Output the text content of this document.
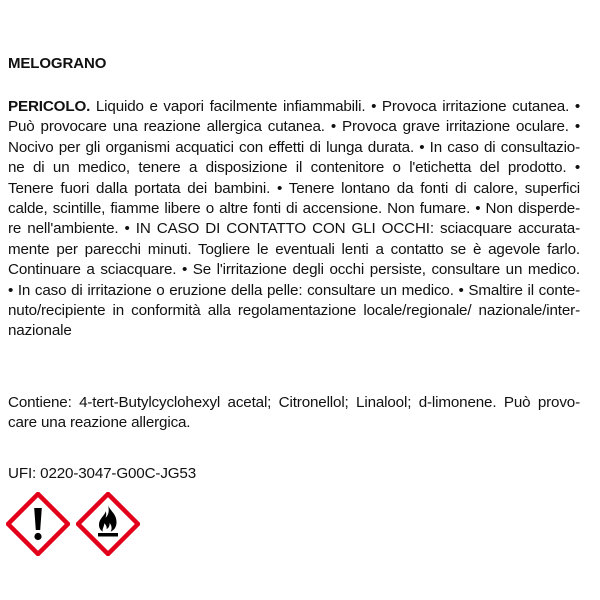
MELOGRANO
PERICOLO. Liquido e vapori facilmente infiammabili. • Provoca irritazione cutanea. •
Può provocare una reazione allergica cutanea. • Provoca grave irritazione oculare. •
Nocivo per gli organismi acquatici con effetti di lunga durata. • In caso di consultazio-
ne di un medico, tenere a disposizione il contenitore o l'etichetta del prodotto. •
Tenere fuori dalla portata dei bambini. • Tenere lontano da fonti di calore, superfici
calde, scintille, fiamme libere o altre fonti di accensione. Non fumare. • Non disperde-
re nell'ambiente. • IN CASO DI CONTATTO CON GLI OCCHI: sciacquare accurata-
mente per parecchi minuti. Togliere le eventuali lenti a contatto se è agevole farlo.
Continuare a sciacquare. • Se l'irritazione degli occhi persiste, consultare un medico.
• In caso di irritazione o eruzione della pelle: consultare un medico. • Smaltire il conte-
nuto/recipiente in conformità alla regolamentazione locale/regionale/ nazionale/inter-
nazionale
Contiene: 4-tert-Butylcyclohexyl acetal; Citronellol; Linalool; d-limonene. Può provo-
care una reazione allergica.
UFI: 0220-3047-G00C-JG53
